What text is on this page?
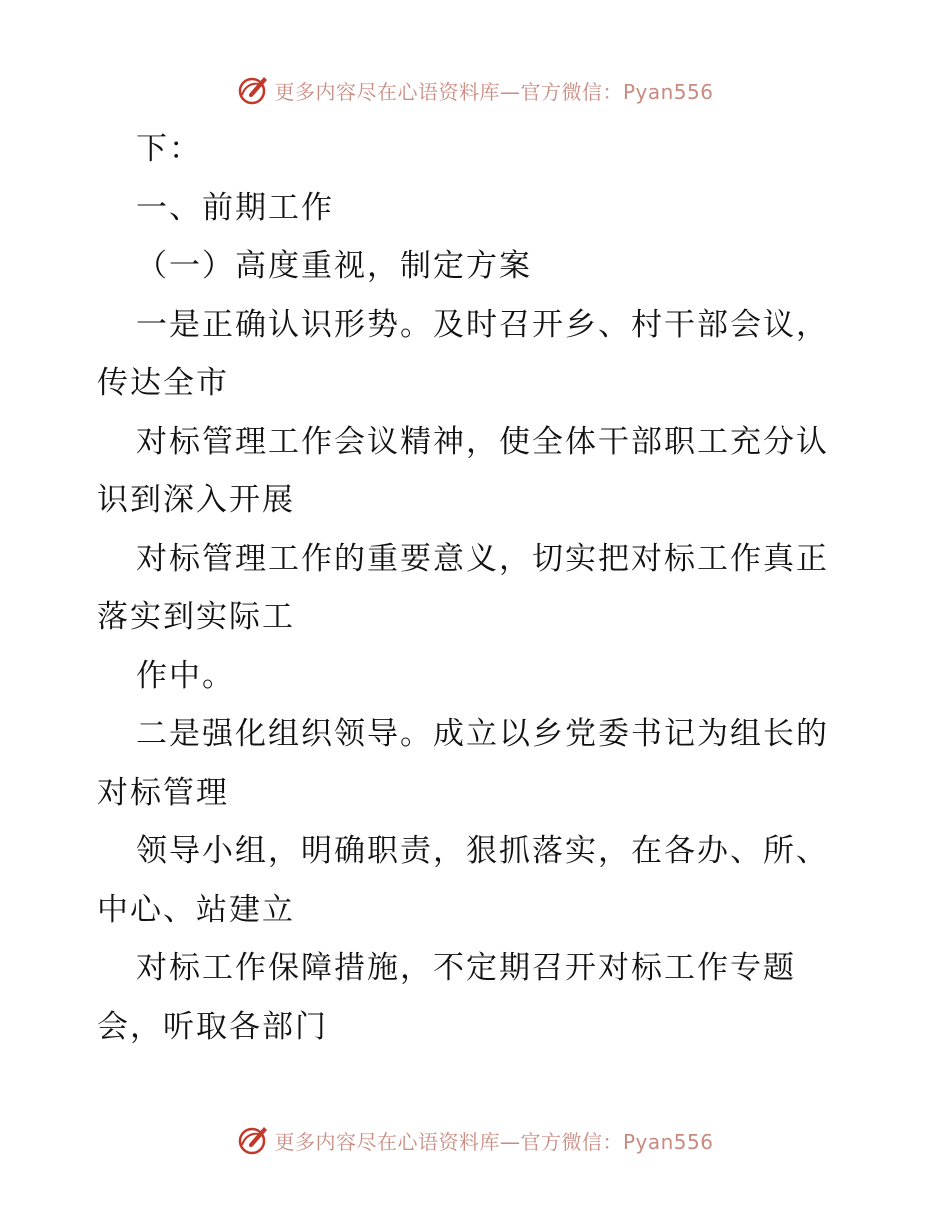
更多内容尽在心语资料库—官方微信：Pyan556
下：
一、前期工作
（一）高度重视，制定方案
一是正确认识形势。及时召开乡、村干部会议，
传达全市
对标管理工作会议精神，使全体干部职工充分认
识到深入开展
对标管理工作的重要意义，切实把对标工作真正
落实到实际工
作中。
二是强化组织领导。成立以乡党委书记为组长的
对标管理
领导小组，明确职责，狠抓落实，在各办、所、
中心、站建立
对标工作保障措施，不定期召开对标工作专题
会，听取各部门
更多内容尽在心语资料库—官方微信：Pyan556
